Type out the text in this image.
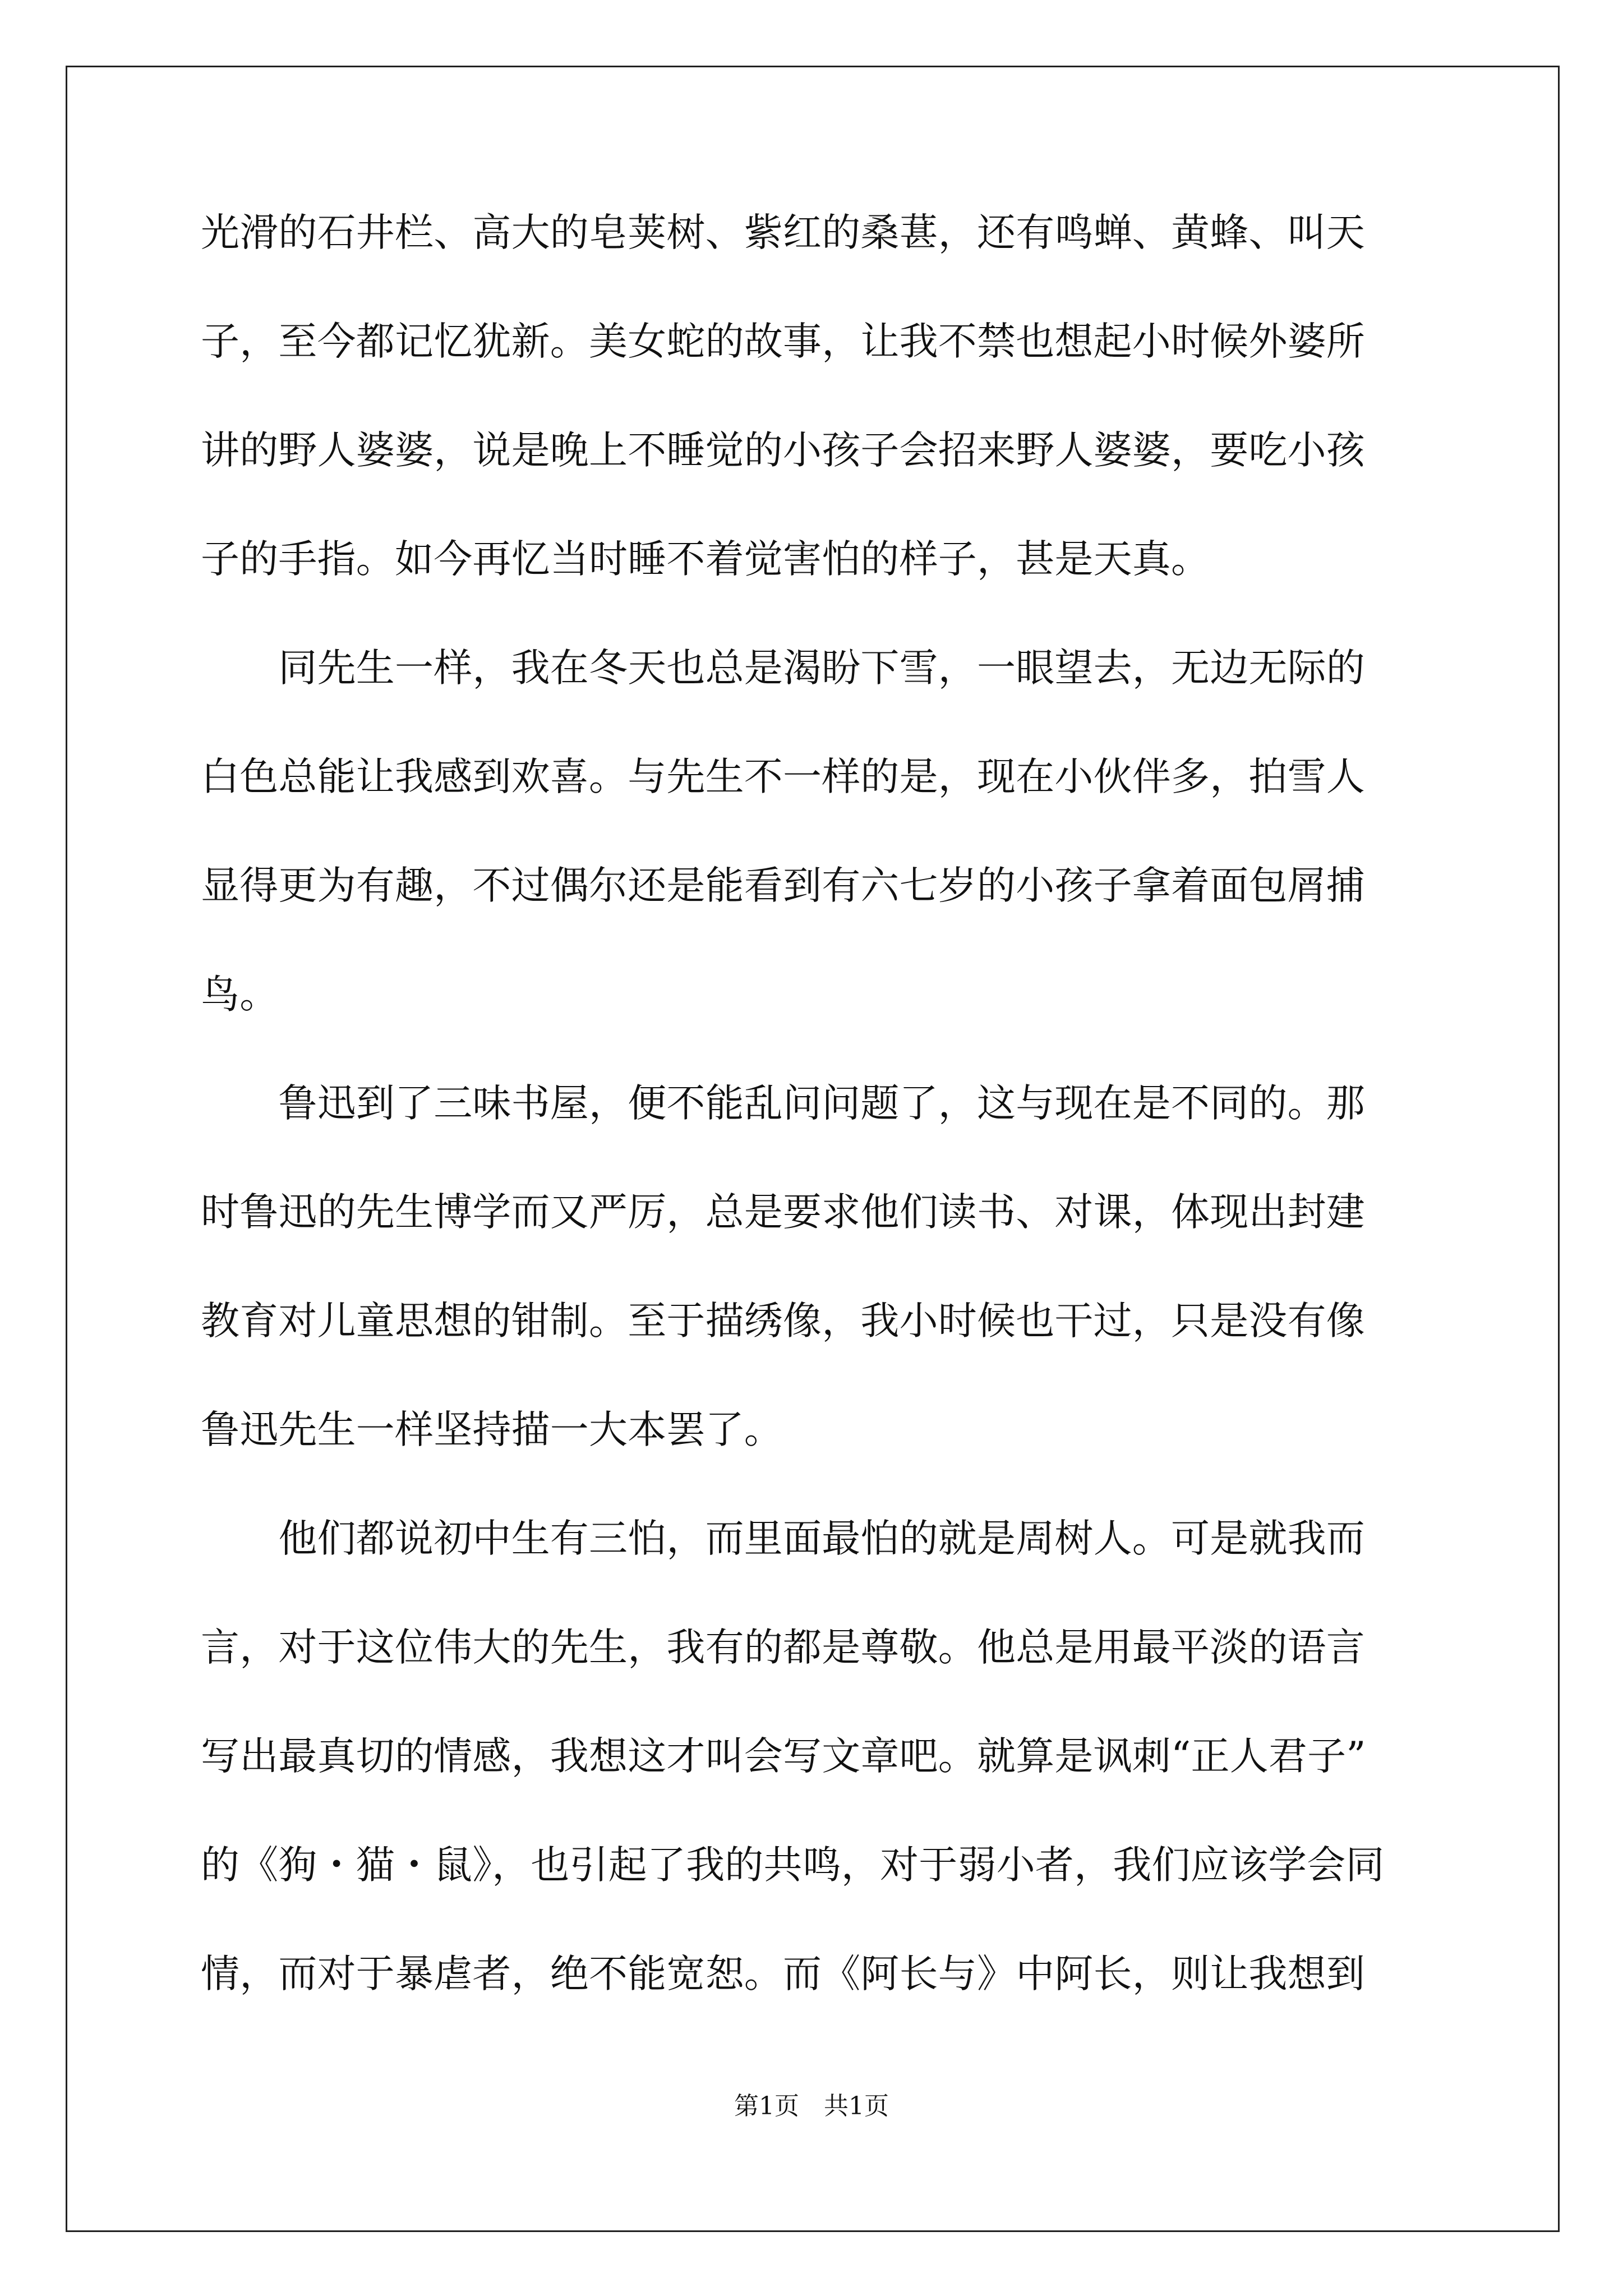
光滑的石井栏、高大的皂荚树、紫红的桑葚，还有鸣蝉、黄蜂、叫天
子，至今都记忆犹新。美女蛇的故事，让我不禁也想起小时候外婆所
讲的野人婆婆，说是晚上不睡觉的小孩子会招来野人婆婆，要吃小孩
子的手指。如今再忆当时睡不着觉害怕的样子，甚是天真。
　　同先生一样，我在冬天也总是渴盼下雪，一眼望去，无边无际的
白色总能让我感到欢喜。与先生不一样的是，现在小伙伴多，拍雪人
显得更为有趣，不过偶尔还是能看到有六七岁的小孩子拿着面包屑捕
鸟。
　　鲁迅到了三味书屋，便不能乱问问题了，这与现在是不同的。那
时鲁迅的先生博学而又严厉，总是要求他们读书、对课，体现出封建
教育对儿童思想的钳制。至于描绣像，我小时候也干过，只是没有像
鲁迅先生一样坚持描一大本罢了。
　　他们都说初中生有三怕，而里面最怕的就是周树人。可是就我而
言，对于这位伟大的先生，我有的都是尊敬。他总是用最平淡的语言
写出最真切的情感，我想这才叫会写文章吧。就算是讽刺“正人君子”
的《狗・猫・鼠》，也引起了我的共鸣，对于弱小者，我们应该学会同
情，而对于暴虐者，绝不能宽恕。而《阿长与》中阿长，则让我想到
第1页　共1页
